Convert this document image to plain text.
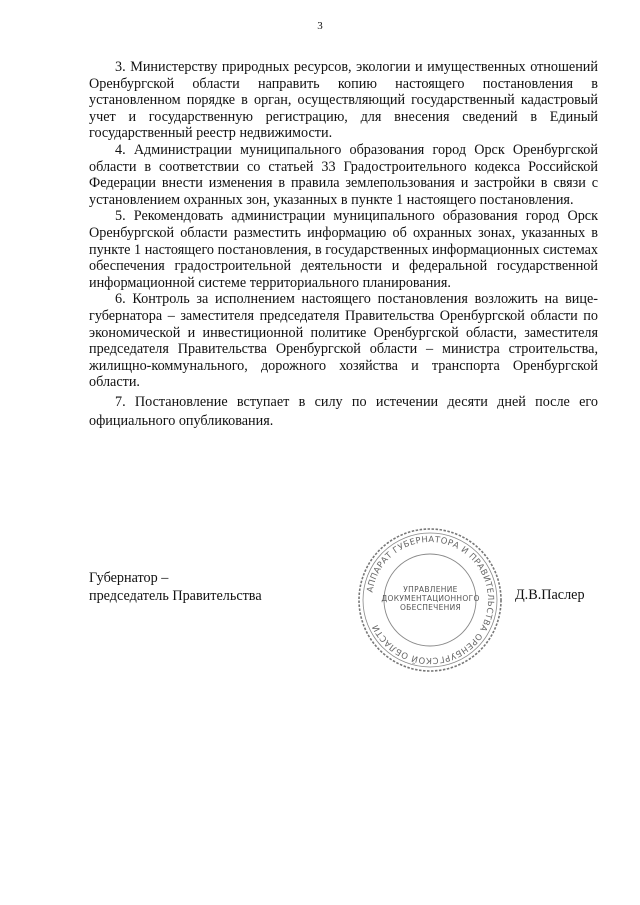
3

3. Министерству природных ресурсов, экологии и имущественных отношений Оренбургской области направить копию настоящего постановления в установленном порядке в орган, осуществляющий государственный кадастровый учет и государственную регистрацию, для внесения сведений в Единый государственный реестр недвижимости.

4. Администрации муниципального образования город Орск Оренбургской области в соответствии со статьей 33 Градостроительного кодекса Российской Федерации внести изменения в правила землепользования и застройки в связи с установлением охранных зон, указанных в пункте 1 настоящего постановления.

5. Рекомендовать администрации муниципального образования город Орск Оренбургской области разместить информацию об охранных зонах, указанных в пункте 1 настоящего постановления, в государственных информационных системах обеспечения градостроительной деятельности и федеральной государственной информационной системе территориального планирования.

6. Контроль за исполнением настоящего постановления возложить на вице-губернатора – заместителя председателя Правительства Оренбургской области по экономической и инвестиционной политике Оренбургской области, заместителя председателя Правительства Оренбургской области – министра строительства, жилищно-коммунального, дорожного хозяйства и транспорта Оренбургской области.

7. Постановление вступает в силу по истечении десяти дней после его официального опубликования.

Губернатор –
председатель Правительства	АППАРАТ ГУБЕРНАТОРА И ПРАВИТЕЛЬСТВА ОРЕНБУРГСКОЙ ОБЛАСТИ
УПРАВЛЕНИЕ
ДОКУМЕНТАЦИОННОГО
ОБЕСПЕЧЕНИЯ
Д.В.Паслер
